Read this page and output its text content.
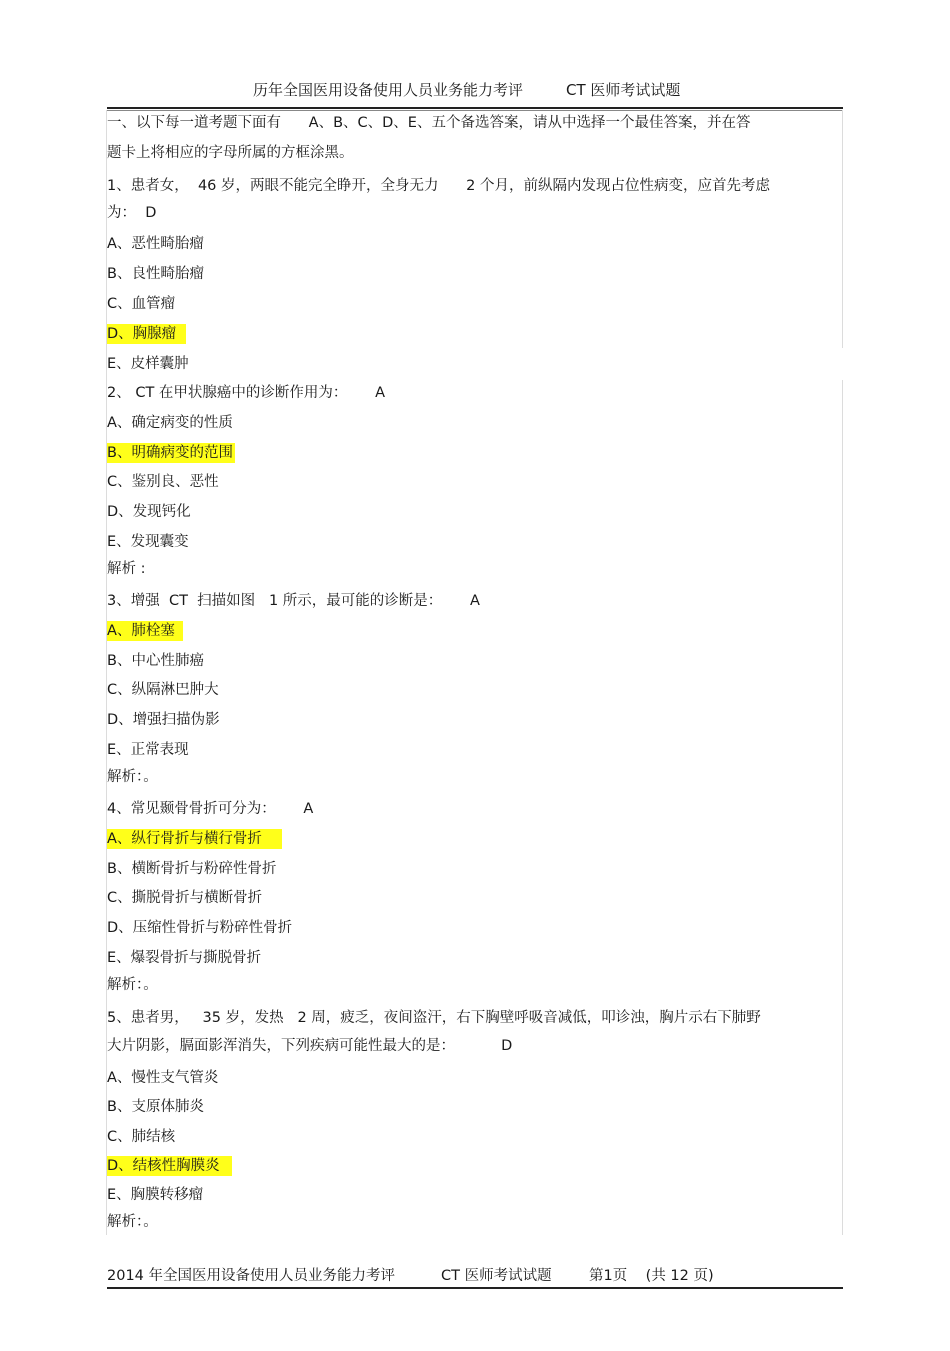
历年全国医用设备使用人员业务能力考评	CT 医师考试试题
一、以下每一道考题下面有      A、B、C、D、E、五个备选答案，请从中选择一个最佳答案，并在答
题卡上将相应的字母所属的方框涂黑。
1、患者女，  46 岁，两眼不能完全睁开，全身无力      2 个月，前纵隔内发现占位性病变，应首先考虑
为：  D
A、恶性畸胎瘤
B、良性畸胎瘤
C、血管瘤
D、胸腺瘤
E、皮样囊肿
2、 CT 在甲状腺癌中的诊断作用为：      A
A、确定病变的性质
B、明确病变的范围
C、鉴别良、恶性
D、发现钙化
E、发现囊变
解析 :
3、增强  CT  扫描如图   1 所示，最可能的诊断是：      A
A、肺栓塞
B、中心性肺癌
C、纵隔淋巴肿大
D、增强扫描伪影
E、正常表现
解析：。
4、常见颞骨骨折可分为：      A
A、纵行骨折与横行骨折
B、横断骨折与粉碎性骨折
C、撕脱骨折与横断骨折
D、压缩性骨折与粉碎性骨折
E、爆裂骨折与撕脱骨折
解析：。
5、患者男，   35 岁，发热   2 周，疲乏，夜间盗汗，右下胸壁呼吸音减低，叩诊浊，胸片示右下肺野
大片阴影，膈面影浑消失，下列疾病可能性最大的是：          D
A、慢性支气管炎
B、支原体肺炎
C、肺结核
D、结核性胸膜炎
E、胸膜转移瘤
解析：。
2014 年全国医用设备使用人员业务能力考评	CT 医师考试试题	第1页    (共 12 页)
